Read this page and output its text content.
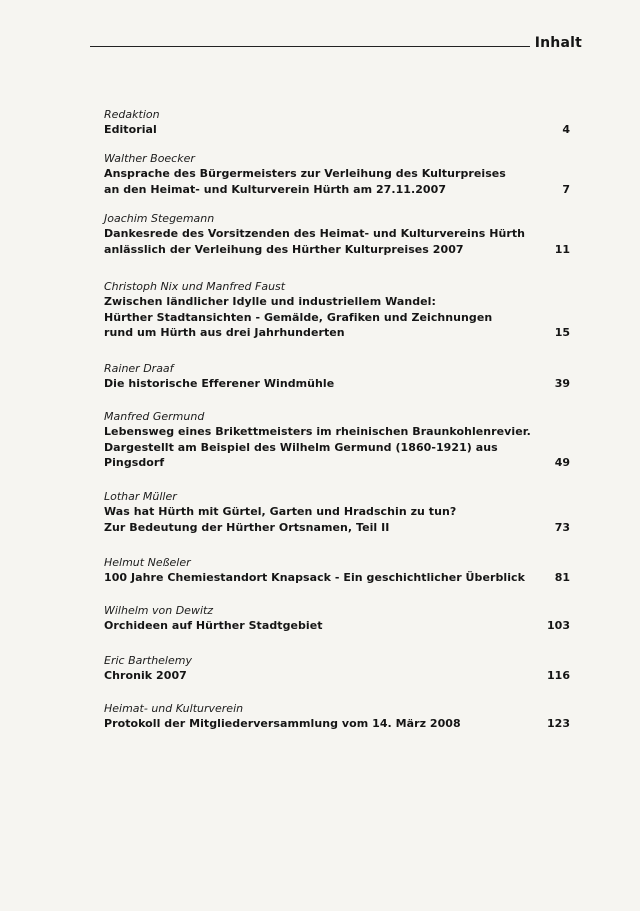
Inhalt
Redaktion
Editorial	4
Walther Boecker
Ansprache des Bürgermeisters zur Verleihung des Kulturpreises
an den Heimat- und Kulturverein Hürth am 27.11.2007	7
Joachim Stegemann
Dankesrede des Vorsitzenden des Heimat- und Kulturvereins Hürth
anlässlich der Verleihung des Hürther Kulturpreises 2007	11
Christoph Nix und Manfred Faust
Zwischen ländlicher Idylle und industriellem Wandel:
Hürther Stadtansichten - Gemälde, Grafiken und Zeichnungen
rund um Hürth aus drei Jahrhunderten	15
Rainer Draaf
Die historische Efferener Windmühle	39
Manfred Germund
Lebensweg eines Brikettmeisters im rheinischen Braunkohlenrevier.
Dargestellt am Beispiel des Wilhelm Germund (1860-1921) aus
Pingsdorf	49
Lothar Müller
Was hat Hürth mit Gürtel, Garten und Hradschin zu tun?
Zur Bedeutung der Hürther Ortsnamen, Teil II	73
Helmut Neßeler
100 Jahre Chemiestandort Knapsack - Ein geschichtlicher Überblick	81
Wilhelm von Dewitz
Orchideen auf Hürther Stadtgebiet	103
Eric Barthelemy
Chronik 2007	116
Heimat- und Kulturverein
Protokoll der Mitgliederversammlung vom 14. März 2008	123
